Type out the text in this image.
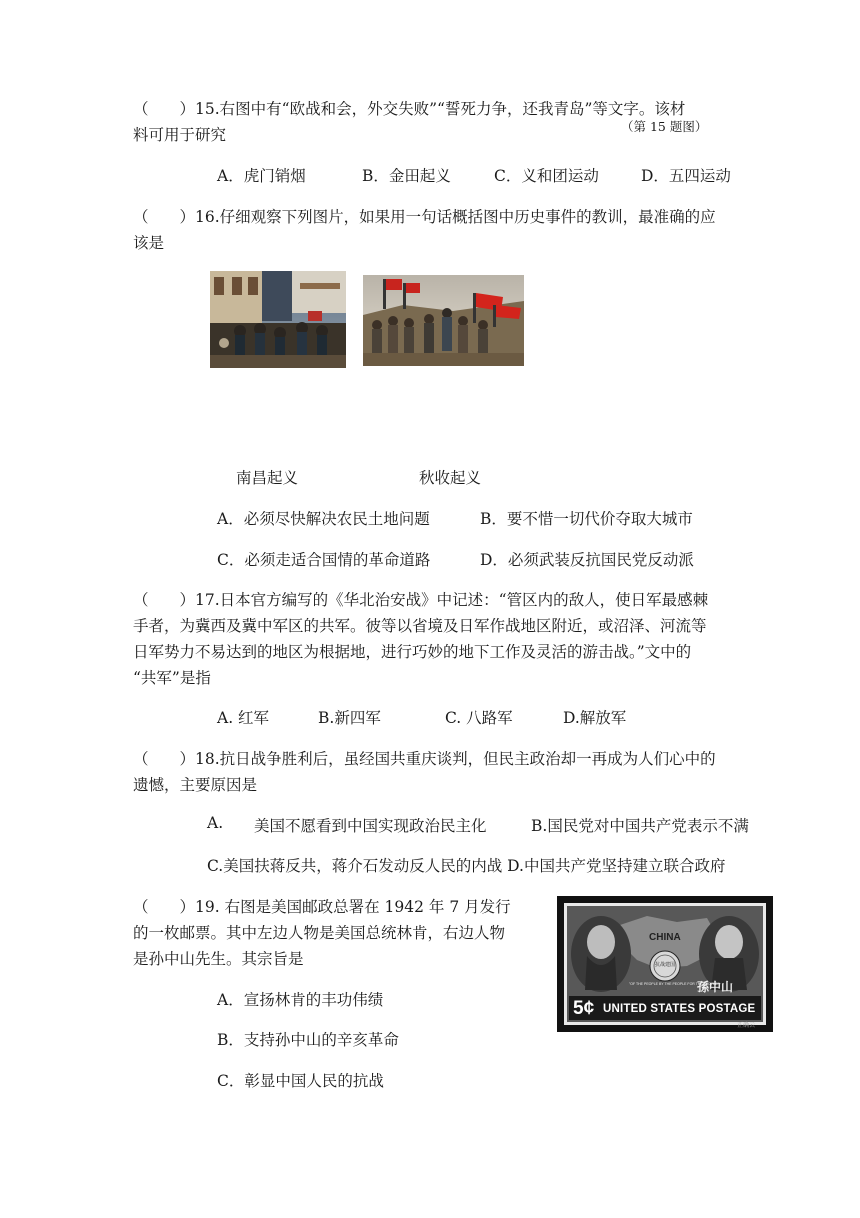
（　　）15.右图中有“欧战和会，外交失败”“誓死力争，还我青岛”等文字。该材
料可用于研究	（第 15 题图）
A．虎门销烟	B．金田起义	C．义和团运动	D．五四运动
（　　）16.仔细观察下列图片，如果用一句话概括图中历史事件的教训，最准确的应
该是
南昌起义	秋收起义
A．必须尽快解决农民土地问题	B．要不惜一切代价夺取大城市
C．必须走适合国情的革命道路	D．必须武装反抗国民党反动派
（　　）17.日本官方编写的《华北治安战》中记述：“管区内的敌人，使日军最感棘
手者，为冀西及冀中军区的共军。彼等以省境及日军作战地区附近，或沼泽、河流等
日军势力不易达到的地区为根据地，进行巧妙的地下工作及灵活的游击战。”文中的
“共军”是指
A. 红军	B.新四军	C. 八路军	D.解放军
（　　）18.抗日战争胜利后，虽经国共重庆谈判，但民主政治却一再成为人们心中的
遗憾，主要原因是
A. 美国不愿看到中国实现政治民主化	B.国民党对中国共产党表示不满
C.美国扶蒋反共，蒋介石发动反人民的内战 D.中国共产党坚持建立联合政府
（　　）19. 右图是美国邮政总署在 1942 年 7 月发行
的一枚邮票。其中左边人物是美国总统林肯，右边人物
是孙中山先生。其宗旨是
A．宣扬林肯的丰功伟绩
B．支持孙中山的辛亥革命
C．彰显中国人民的抗战
CHINA
抗战建国
"OF THE PEOPLE BY THE PEOPLE FOR THE PEOPLE"
孫中山
5¢ UNITED STATES POSTAGE
正确云
